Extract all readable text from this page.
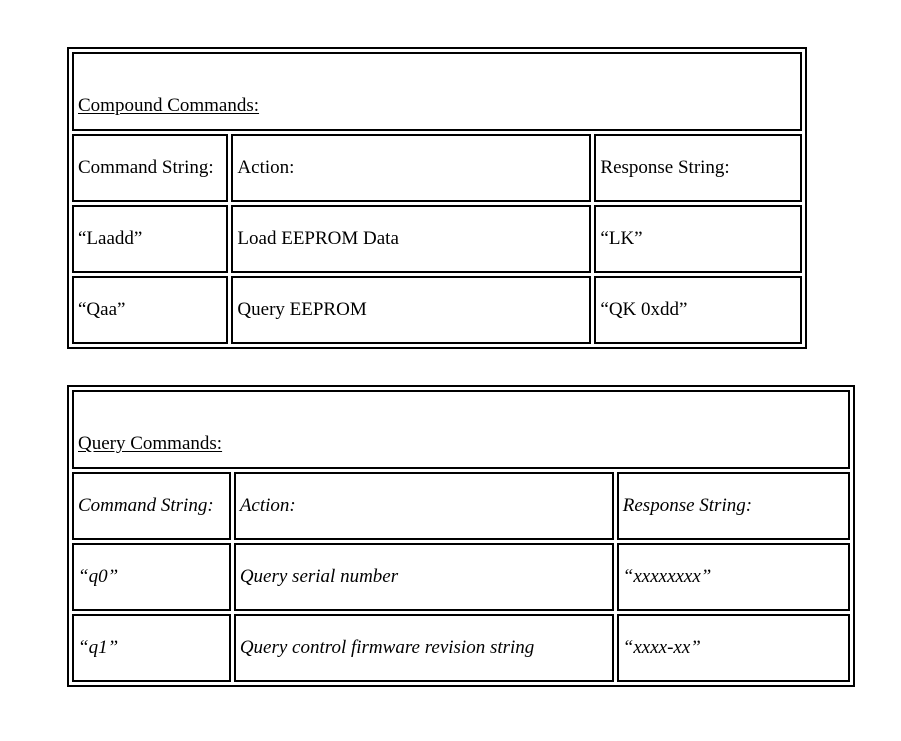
Compound Commands:		
Command String:	Action:	Response String:
“Laadd”	Load EEPROM Data	“LK”
“Qaa”	Query EEPROM	“QK 0xdd”
Query Commands:		
Command String:	Action:	Response String:
“q0”	Query serial number	“xxxxxxxx”
“q1”	Query control firmware revision string	“xxxx-xx”
